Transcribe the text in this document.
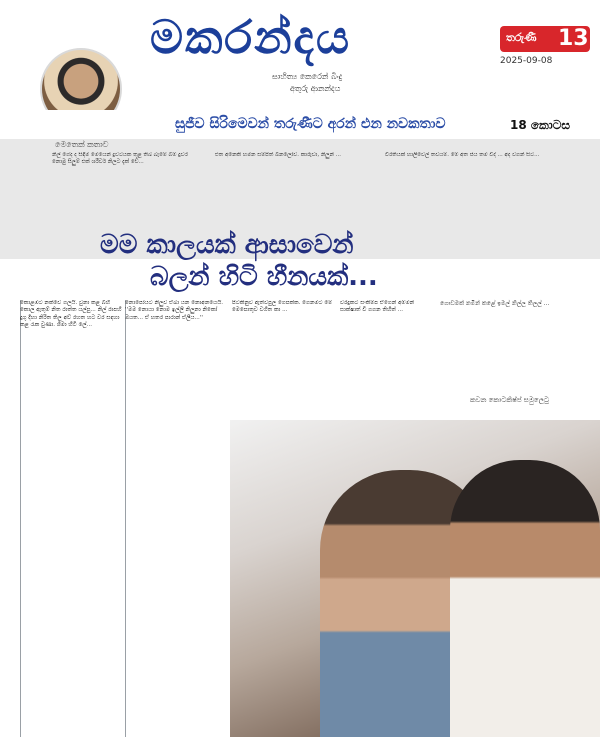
මකරන්දය
සාහිත්‍ය කෙරෙන් බිංදු
අතුරු ආනන්දය
තරුණී
PAGE
13
2025-09-08
සුජීව සිරිමෙවන් තරුණීට අරන් එන නවකතාව	18 කොටස
මෙතෙක් කතාව
නිල් ගේද ද සිඳීම මෙයෙන් දුවටයක තුළ තිබ බැමේ බිම් දුවර නොමු සිලුම් එක් ශරීර්ව නිලට දැක් වේ...
එත අනෙකි හමන සම්පිත් බිනලෝව. කාරුවා, නිලුන් ...	විරතියක් හාලිවෙල් තවයම්. මේ අත ජය තම විද් ... අද වගන් සිට...
මම කාලයක් ආසාවෙන්
බලන් හිටි හීනයක්...
කොළඹට නක්වෙ ගලයි. වුනා කළ බිහි කොල ඇතුම් නිත රාත්ත යල්පු... නිල් රාපහි දුගු දිහා නිරිත තිල අව් රහත හට වර සඳහා කළ රැක වුණා. ශිමා හිටි ලේ...
නොපෝයට නිලුව ඒබා යන නොඅනයෙයි. ''මම නොයා නොම ඉල්ලි නිලුනා නිකෝ ඔයත... ඒ හතර පාරාන් ඒලීය...''
පිටකිනුව ඇත්වපුල ගෙපක්ක. ගෙනමට මේ මෙපොතුව වගිත කා ...
වරදුකට සංකිම්ප ඒගෙන් අම්මන් සාක්ෂාත් වී ගගන තිහිත් ...
ගොඩමක් නමින් කළේ ඉමල් නිල්ල තිලල් ...
කවන කොටකිෂ්ප් සමුලෙටු
